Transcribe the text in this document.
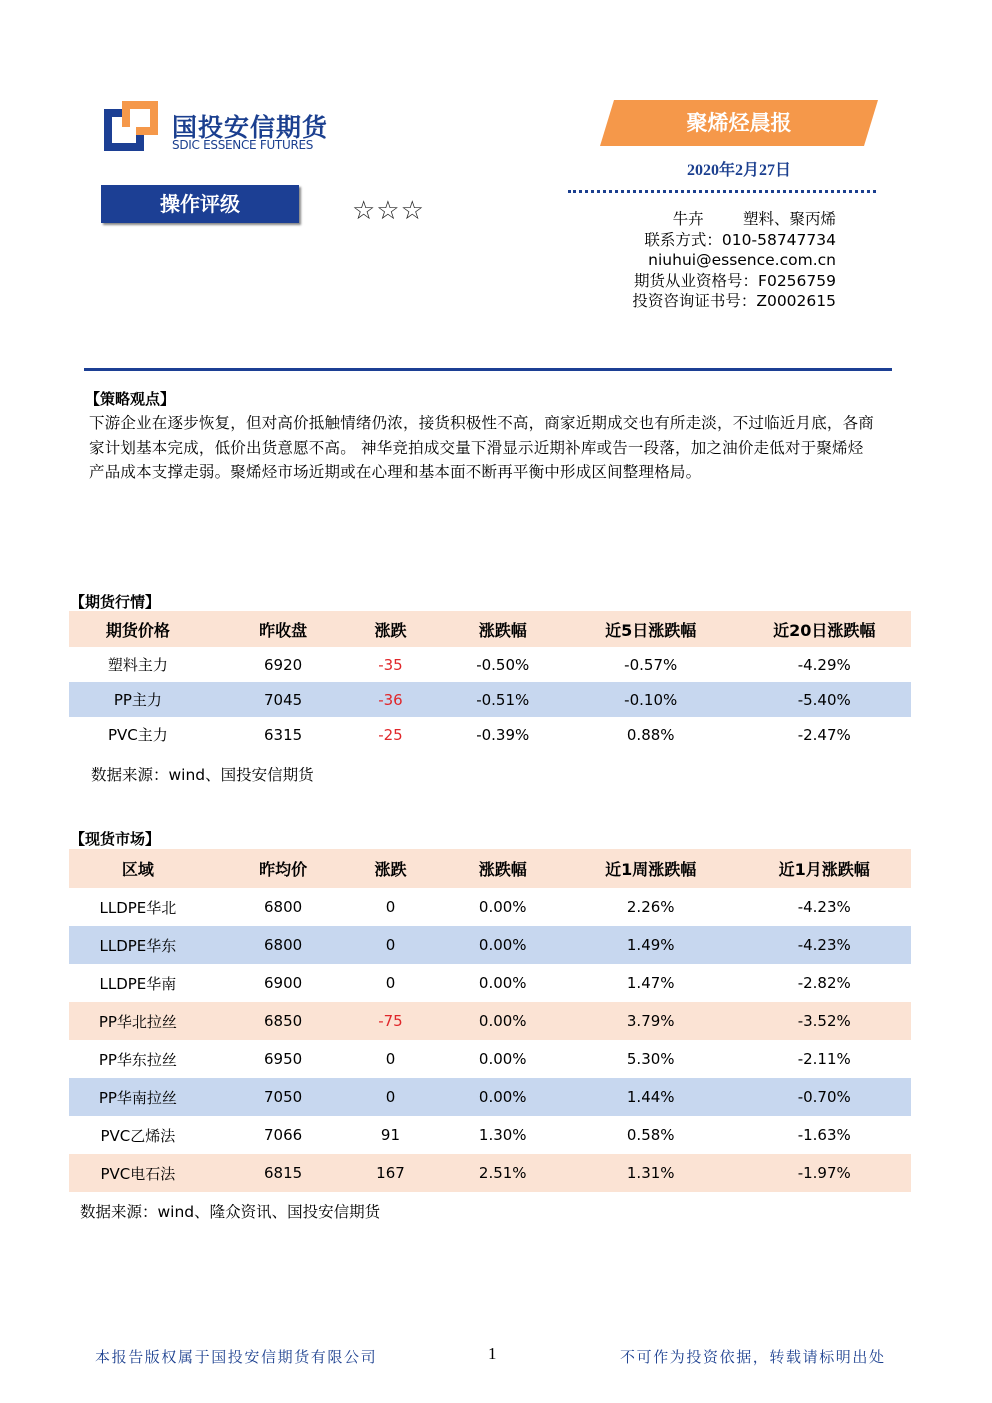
国投安信期货
SDIC ESSENCE FUTURES
聚烯烃晨报
2020年2月27日
操作评级	☆☆☆	牛卉        塑料、聚丙烯
联系方式：010-58747734
niuhui@essence.com.cn
期货从业资格号：F0256759
投资咨询证书号：Z0002615
【策略观点】
下游企业在逐步恢复，但对高价抵触情绪仍浓，接货积极性不高，商家近期成交也有所走淡，不过临近月底，各商家计划基本完成，低价出货意愿不高。 神华竞拍成交量下滑显示近期补库或告一段落，加之油价走低对于聚烯烃产品成本支撑走弱。聚烯烃市场近期或在心理和基本面不断再平衡中形成区间整理格局。
【期货行情】
期货价格	昨收盘	涨跌	涨跌幅	近5日涨跌幅	近20日涨跌幅
塑料主力	6920	-35	-0.50%	-0.57%	-4.29%
PP主力	7045	-36	-0.51%	-0.10%	-5.40%
PVC主力	6315	-25	-0.39%	0.88%	-2.47%
数据来源：wind、国投安信期货
【现货市场】
区域	昨均价	涨跌	涨跌幅	近1周涨跌幅	近1月涨跌幅
LLDPE华北	6800	0	0.00%	2.26%	-4.23%
LLDPE华东	6800	0	0.00%	1.49%	-4.23%
LLDPE华南	6900	0	0.00%	1.47%	-2.82%
PP华北拉丝	6850	-75	0.00%	3.79%	-3.52%
PP华东拉丝	6950	0	0.00%	5.30%	-2.11%
PP华南拉丝	7050	0	0.00%	1.44%	-0.70%
PVC乙烯法	7066	91	1.30%	0.58%	-1.63%
PVC电石法	6815	167	2.51%	1.31%	-1.97%
数据来源：wind、隆众资讯、国投安信期货
本报告版权属于国投安信期货有限公司	1	不可作为投资依据，转载请标明出处
